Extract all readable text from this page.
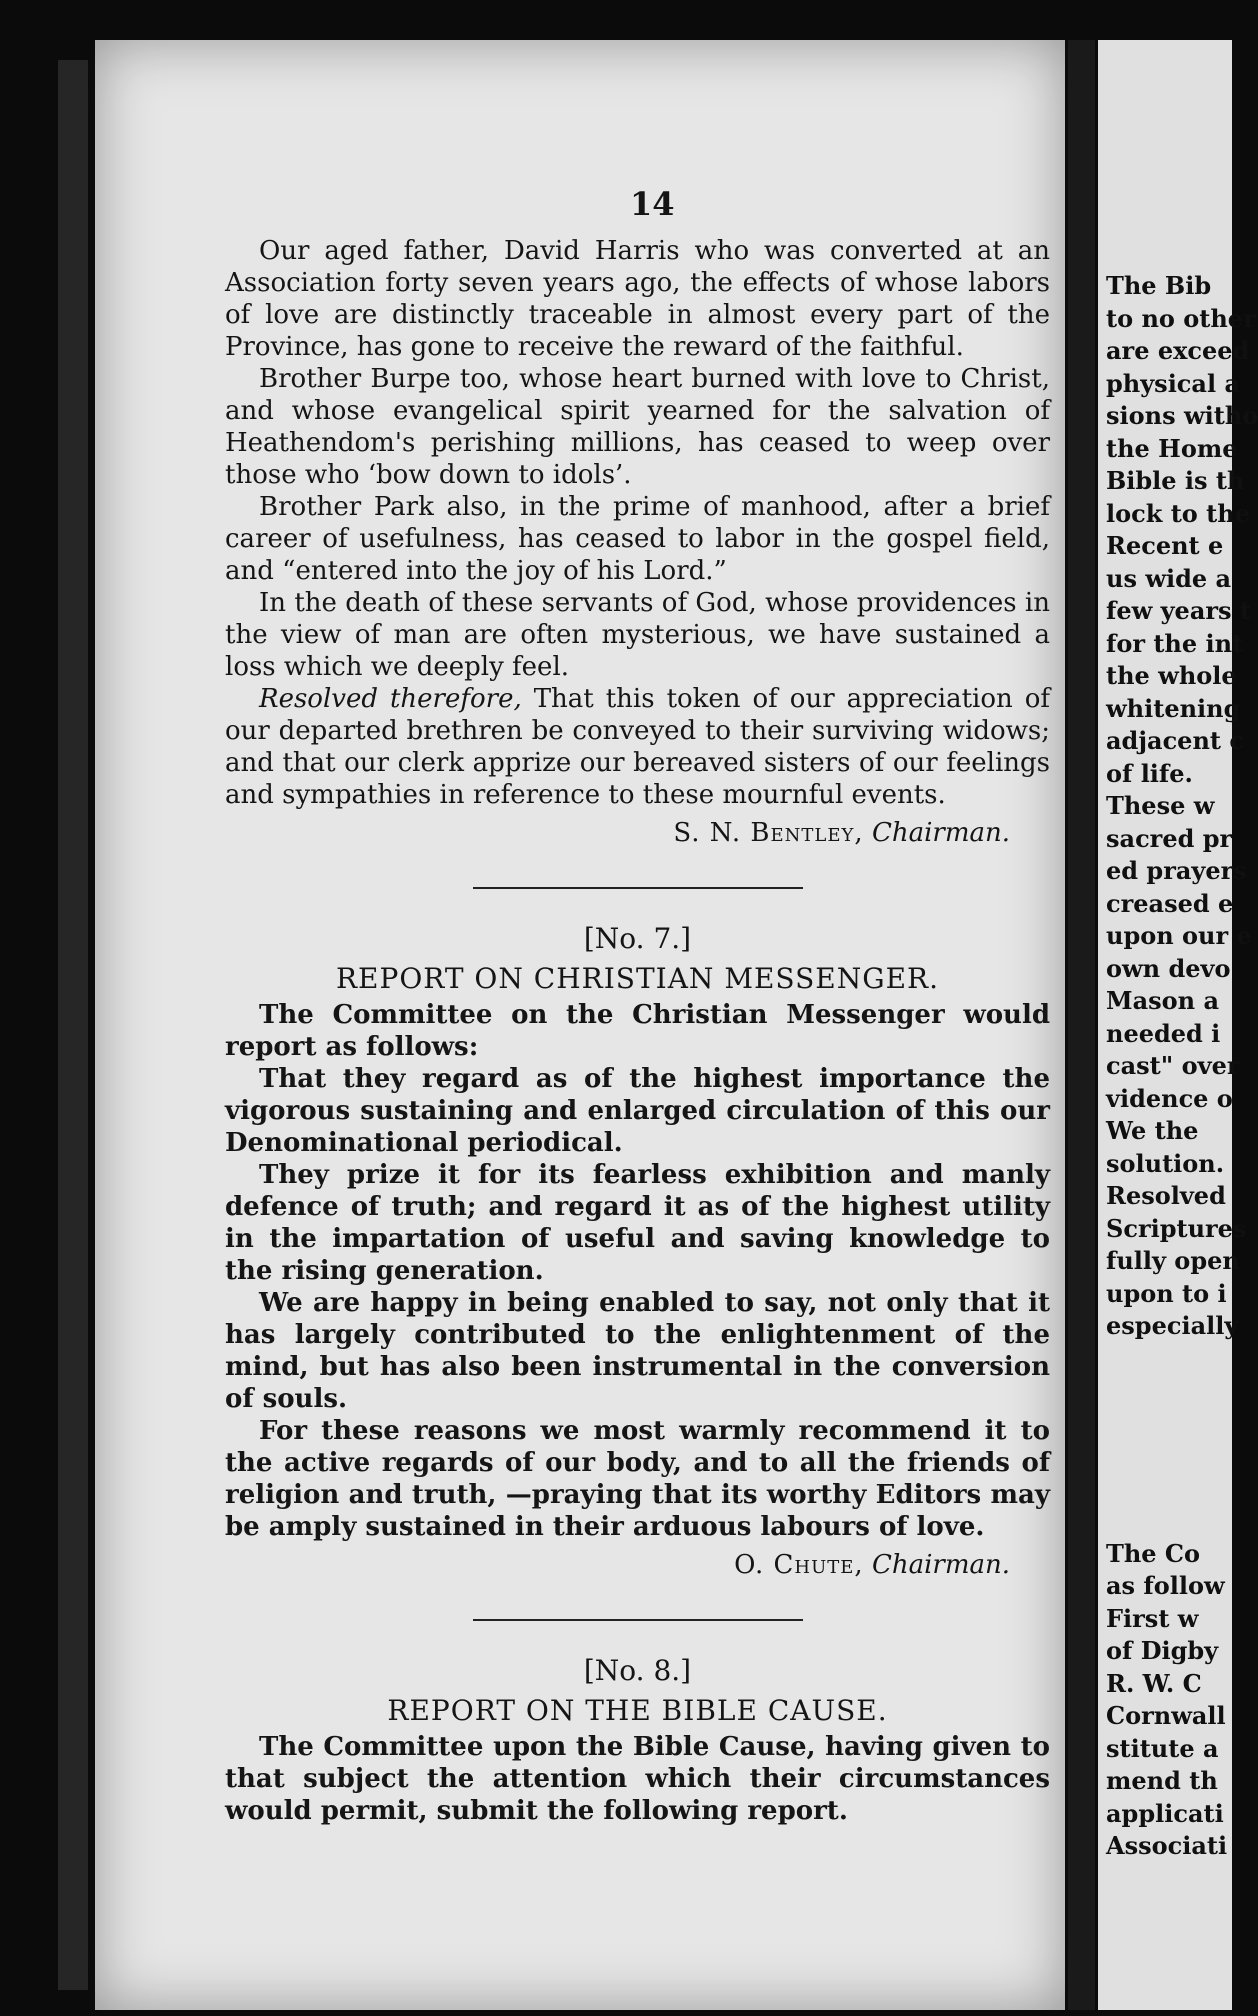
The Bib
to no other
are exceed
physical a
sions witho
the Home
Bible is th
lock to the
Recent e
us wide a
few years t
for the int
the whole
whitening
adjacent c
of life.
These w
sacred pr
ed prayers
creased e
upon our e
own devo
Mason a
needed i
cast" over
vidence o
We the
solution.
Resolved
Scriptures
fully open
upon to i
especially
The Co
as follow
First w
of Digby
R. W. C
Cornwall
stitute a
mend th
applicati
Associati
14

Our aged father, David Harris who was converted at an Association forty seven years ago, the effects of whose labors of love are distinctly traceable in almost every part of the Province, has gone to receive the reward of the faithful.

Brother Burpe too, whose heart burned with love to Christ, and whose evangelical spirit yearned for the salvation of Heathendom's perishing millions, has ceased to weep over those who ‘bow down to idols’.

Brother Park also, in the prime of manhood, after a brief career of usefulness, has ceased to labor in the gospel field, and “entered into the joy of his Lord.”

In the death of these servants of God, whose providences in the view of man are often mysterious, we have sustained a loss which we deeply feel.

Resolved therefore, That this token of our appreciation of our departed brethren be conveyed to their surviving widows; and that our clerk apprize our bereaved sisters of our feelings and sympathies in reference to these mournful events.

S. N. Bentley, Chairman.
[No. 7.]
REPORT ON CHRISTIAN MESSENGER.

The Committee on the Christian Messenger would report as follows:

That they regard as of the highest importance the vigorous sustaining and enlarged circulation of this our Denominational periodical.

They prize it for its fearless exhibition and manly defence of truth; and regard it as of the highest utility in the impartation of useful and saving knowledge to the rising generation.

We are happy in being enabled to say, not only that it has largely contributed to the enlightenment of the mind, but has also been instrumental in the conversion of souls.

For these reasons we most warmly recommend it to the active regards of our body, and to all the friends of religion and truth, —praying that its worthy Editors may be amply sustained in their arduous labours of love.

O. Chute, Chairman.
[No. 8.]
REPORT ON THE BIBLE CAUSE.

The Committee upon the Bible Cause, having given to that subject the attention which their circumstances would permit, submit the following report.
